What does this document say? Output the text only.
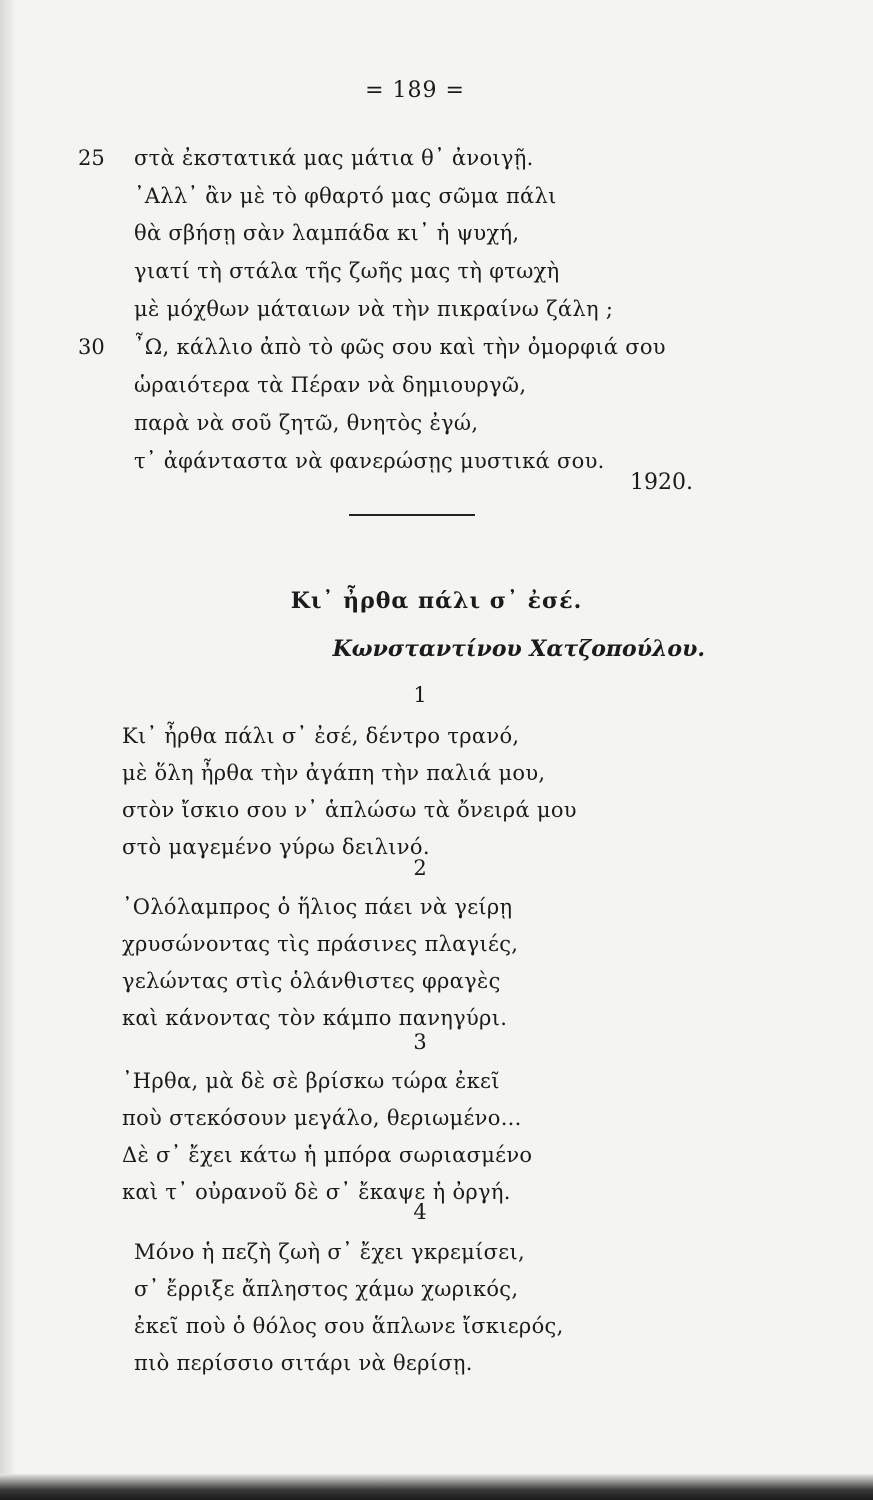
= 189 =
25 στὰ ἐκστατικά μας μάτια θ᾽ ἀνοιγῇ.
᾽Αλλ᾽ ἂν μὲ τὸ φθαρτό μας σῶμα πάλι
θὰ σβήσῃ σὰν λαμπάδα κι᾽ ἡ ψυχή,
γιατί τὴ στάλα τῆς ζωῆς μας τὴ φτωχὴ
μὲ μόχθων μάταιων νὰ τὴν πικραίνω ζάλη ;
30 ῏Ω, κάλλιο ἀπὸ τὸ φῶς σου καὶ τὴν ὀμορφιά σου
ὡραιότερα τὰ Πέραν νὰ δημιουργῶ,
παρὰ νὰ σοῦ ζητῶ, θνητὸς ἐγώ,
τ᾽ ἀφάνταστα νὰ φανερώσῃς μυστικά σου.
1920.
Κι᾽ ἦρθα πάλι σ᾽ ἐσέ.
Κωνσταντίνου Χατζοπούλου.
1
Κι᾽ ἦρθα πάλι σ᾽ ἐσέ, δέντρο τρανό,
μὲ ὅλη ἦρθα τὴν ἀγάπη τὴν παλιά μου,
στὸν ἴσκιο σου ν᾽ ἁπλώσω τὰ ὄνειρά μου
στὸ μαγεμένο γύρω δειλινό.
2
᾽Ολόλαμπρος ὁ ἥλιος πάει νὰ γείρῃ
χρυσώνοντας τὶς πράσινες πλαγιές,
γελώντας στὶς ὁλάνθιστες φραγὲς
καὶ κάνοντας τὸν κάμπο πανηγύρι.
3
᾽Ηρθα, μὰ δὲ σὲ βρίσκω τώρα ἐκεῖ
ποὺ στεκόσουν μεγάλο, θεριωμένο...
Δὲ σ᾽ ἔχει κάτω ἡ μπόρα σωριασμένο
καὶ τ᾽ οὐρανοῦ δὲ σ᾽ ἔκαψε ἡ ὀργή.
4
Μόνο ἡ πεζὴ ζωὴ σ᾽ ἔχει γκρεμίσει,
σ᾽ ἔρριξε ἄπληστος χάμω χωρικός,
ἐκεῖ ποὺ ὁ θόλος σου ἅπλωνε ἴσκιερός,
πιὸ περίσσιο σιτάρι νὰ θερίσῃ.
